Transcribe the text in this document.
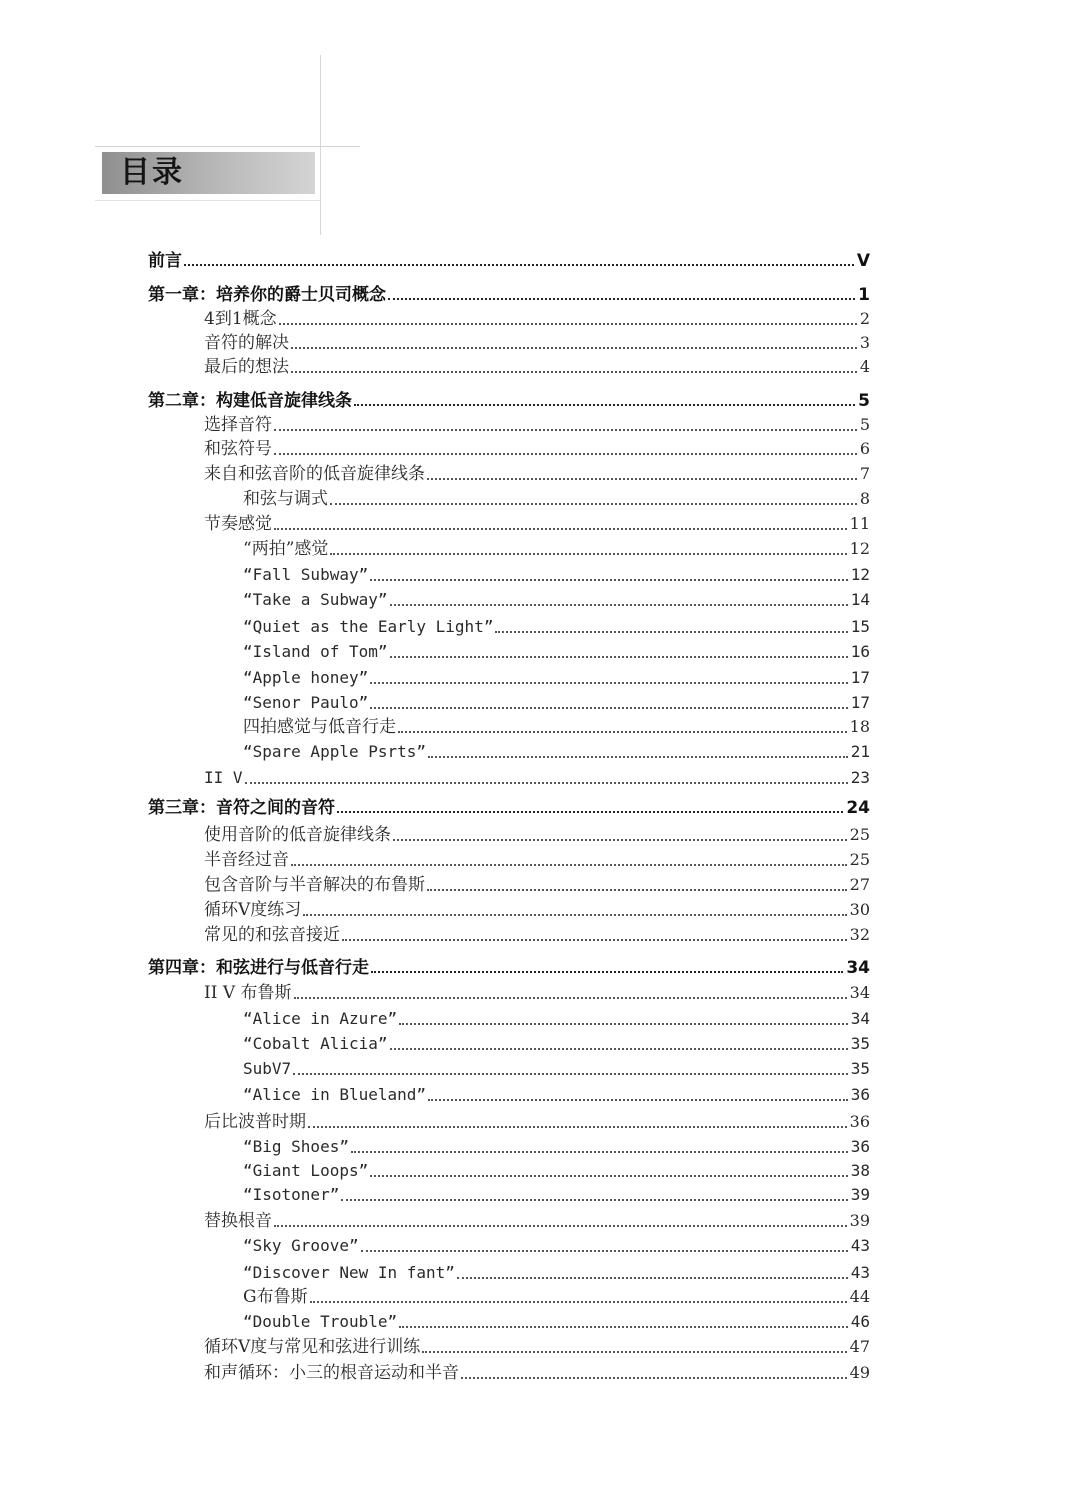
目录
前言	V
第一章：培养你的爵士贝司概念	1
4到1概念	2
音符的解决	3
最后的想法	4
第二章：构建低音旋律线条	5
选择音符	5
和弦符号	6
来自和弦音阶的低音旋律线条	7
和弦与调式	8
节奏感觉	11
“两拍”感觉	12
“Fall Subway”	12
“Take a Subway”	14
“Quiet as the Early Light”	15
“Island of Tom”	16
“Apple honey”	17
“Senor Paulo”	17
四拍感觉与低音行走	18
“Spare Apple Psrts”	21
II V	23
第三章：音符之间的音符	24
使用音阶的低音旋律线条	25
半音经过音	25
包含音阶与半音解决的布鲁斯	27
循环V度练习	30
常见的和弦音接近	32
第四章：和弦进行与低音行走	34
II V 布鲁斯	34
“Alice in Azure”	34
“Cobalt Alicia”	35
SubV7	35
“Alice in Blueland”	36
后比波普时期	36
“Big Shoes”	36
“Giant Loops”	38
“Isotoner”	39
替换根音	39
“Sky Groove”	43
“Discover New In fant”	43
G布鲁斯	44
“Double Trouble”	46
循环V度与常见和弦进行训练	47
和声循环：小三的根音运动和半音	49
